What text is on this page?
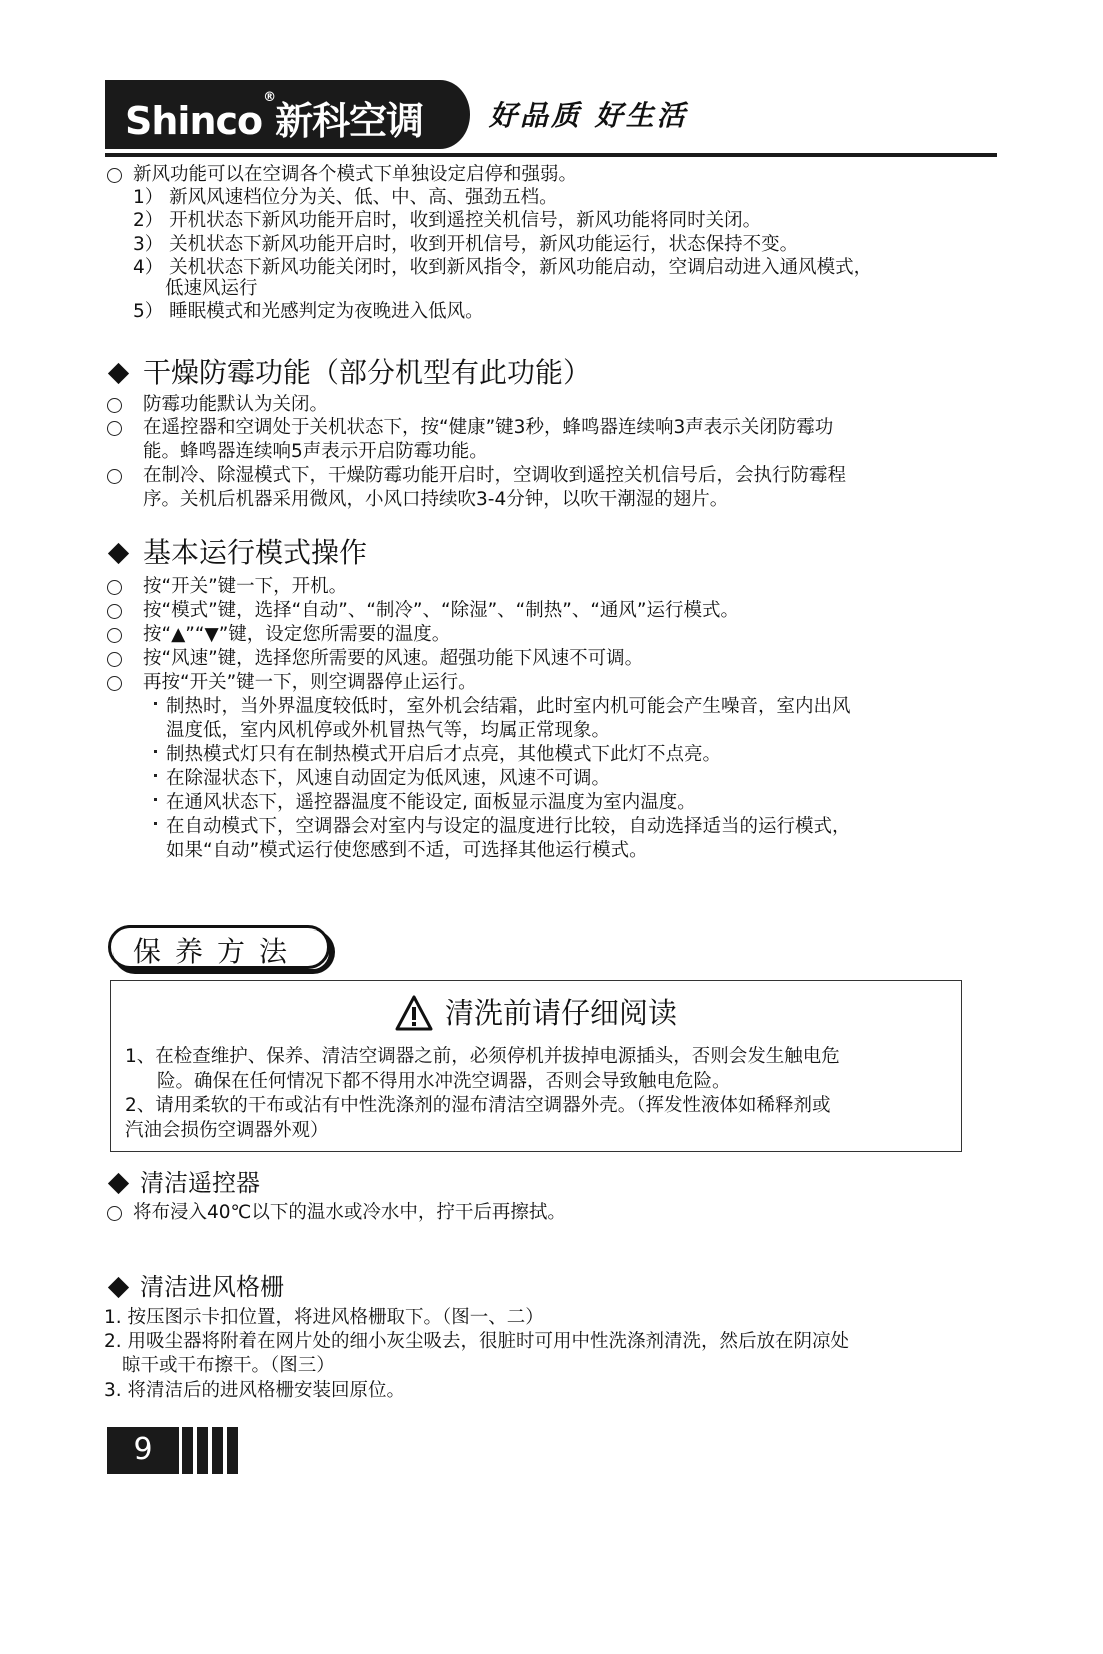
Shinco®新科空调 好品质 好生活
新风功能可以在空调各个模式下单独设定启停和强弱。
1） 新风风速档位分为关、低、中、高、强劲五档。
2） 开机状态下新风功能开启时，收到遥控关机信号，新风功能将同时关闭。
3） 关机状态下新风功能开启时，收到开机信号，新风功能运行，状态保持不变。
4） 关机状态下新风功能关闭时，收到新风指令，新风功能启动，空调启动进入通风模式，
低速风运行
5） 睡眠模式和光感判定为夜晚进入低风。
干燥防霉功能（部分机型有此功能）
防霉功能默认为关闭。
在遥控器和空调处于关机状态下，按“健康”键3秒，蜂鸣器连续响3声表示关闭防霉功
能。蜂鸣器连续响5声表示开启防霉功能。
在制冷、除湿模式下，干燥防霉功能开启时，空调收到遥控关机信号后，会执行防霉程
序。关机后机器采用微风，小风口持续吹3-4分钟，以吹干潮湿的翅片。
基本运行模式操作
按“开关”键一下，开机。
按“模式”键，选择“自动”、“制冷”、“除湿”、“制热”、“通风”运行模式。
按“▲”“▼”键，设定您所需要的温度。
按“风速”键，选择您所需要的风速。超强功能下风速不可调。
再按“开关”键一下，则空调器停止运行。
制热时，当外界温度较低时，室外机会结霜，此时室内机可能会产生噪音，室内出风
温度低，室内风机停或外机冒热气等，均属正常现象。
制热模式灯只有在制热模式开启后才点亮，其他模式下此灯不点亮。
在除湿状态下，风速自动固定为低风速，风速不可调。
在通风状态下，遥控器温度不能设定, 面板显示温度为室内温度。
在自动模式下，空调器会对室内与设定的温度进行比较，自动选择适当的运行模式，
如果“自动”模式运行使您感到不适，可选择其他运行模式。
保养方法
清洗前请仔细阅读
1、在检查维护、保养、清洁空调器之前，必须停机并拔掉电源插头，否则会发生触电危
险。确保在任何情况下都不得用水冲洗空调器，否则会导致触电危险。
2、请用柔软的干布或沾有中性洗涤剂的湿布清洁空调器外壳。（挥发性液体如稀释剂或
汽油会损伤空调器外观）
清洁遥控器
将布浸入40℃以下的温水或冷水中，拧干后再擦拭。
清洁进风格栅
1. 按压图示卡扣位置，将进风格栅取下。（图一、二）
2. 用吸尘器将附着在网片处的细小灰尘吸去，很脏时可用中性洗涤剂清洗，然后放在阴凉处
晾干或干布擦干。（图三）
3. 将清洁后的进风格栅安装回原位。
9
